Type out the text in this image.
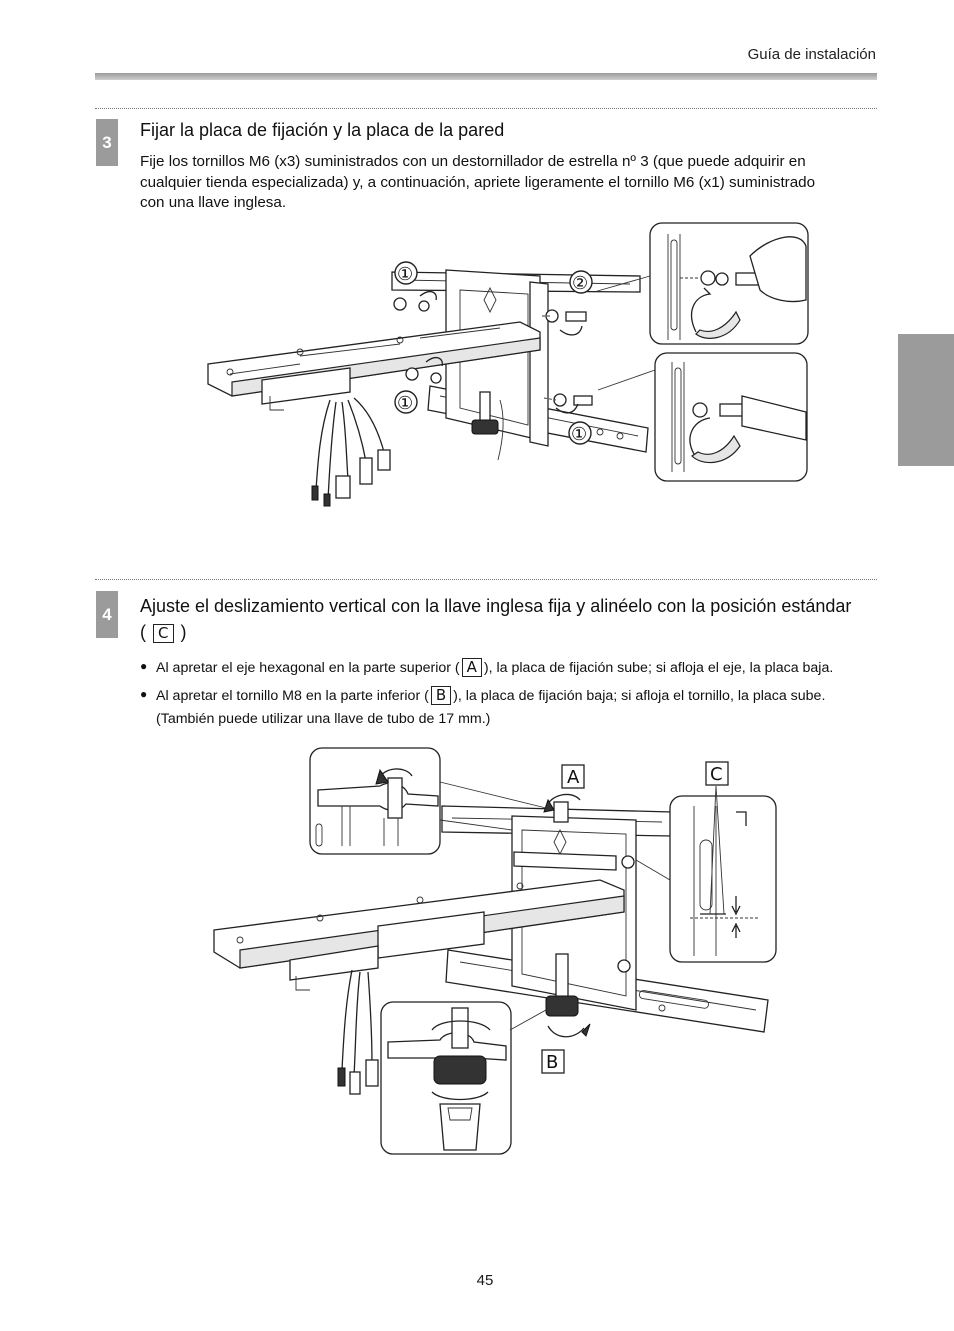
Guía de instalación
3
Fijar la placa de fijación y la placa de la pared
Fije los tornillos M6 (x3) suministrados con un destornillador de estrella nº 3 (que puede adquirir en
cualquier tienda especializada) y, a continuación, apriete ligeramente el tornillo M6 (x1) suministrado
con una llave inglesa.
①	②
①
①
4	Ajuste el deslizamiento vertical con la llave inglesa fija y alinéelo con la posición estándar
( C )
● Al apretar el eje hexagonal en la parte superior ( A ), la placa de fijación sube; si afloja el eje, la placa baja.
● Al apretar el tornillo M8 en la parte inferior ( B ), la placa de fijación baja; si afloja el tornillo, la placa sube.
(También puede utilizar una llave de tubo de 17 mm.)
A	C
B
45
